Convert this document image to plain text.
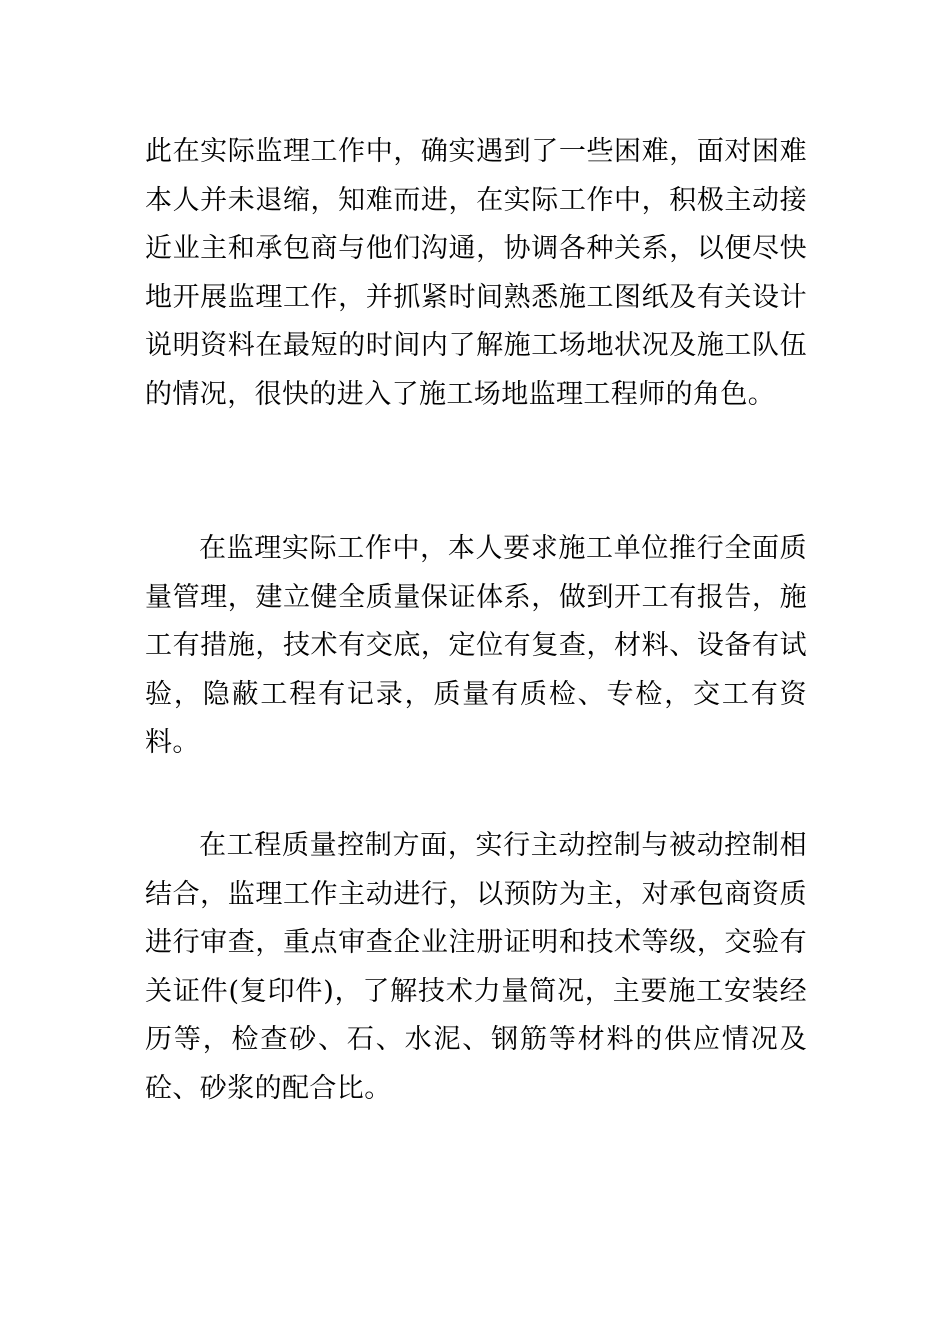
此在实际监理工作中，确实遇到了一些困难，面对困难本人并未退缩，知难而进，在实际工作中，积极主动接近业主和承包商与他们沟通，协调各种关系，以便尽快地开展监理工作，并抓紧时间熟悉施工图纸及有关设计说明资料在最短的时间内了解施工场地状况及施工队伍的情况，很快的进入了施工场地监理工程师的角色。

在监理实际工作中，本人要求施工单位推行全面质量管理，建立健全质量保证体系，做到开工有报告，施工有措施，技术有交底，定位有复查，材料、设备有试验，隐蔽工程有记录，质量有质检、专检，交工有资料。

在工程质量控制方面，实行主动控制与被动控制相结合，监理工作主动进行，以预防为主，对承包商资质进行审查，重点审查企业注册证明和技术等级，交验有关证件(复印件)，了解技术力量简况，主要施工安装经历等，检查砂、石、水泥、钢筋等材料的供应情况及砼、砂浆的配合比。
